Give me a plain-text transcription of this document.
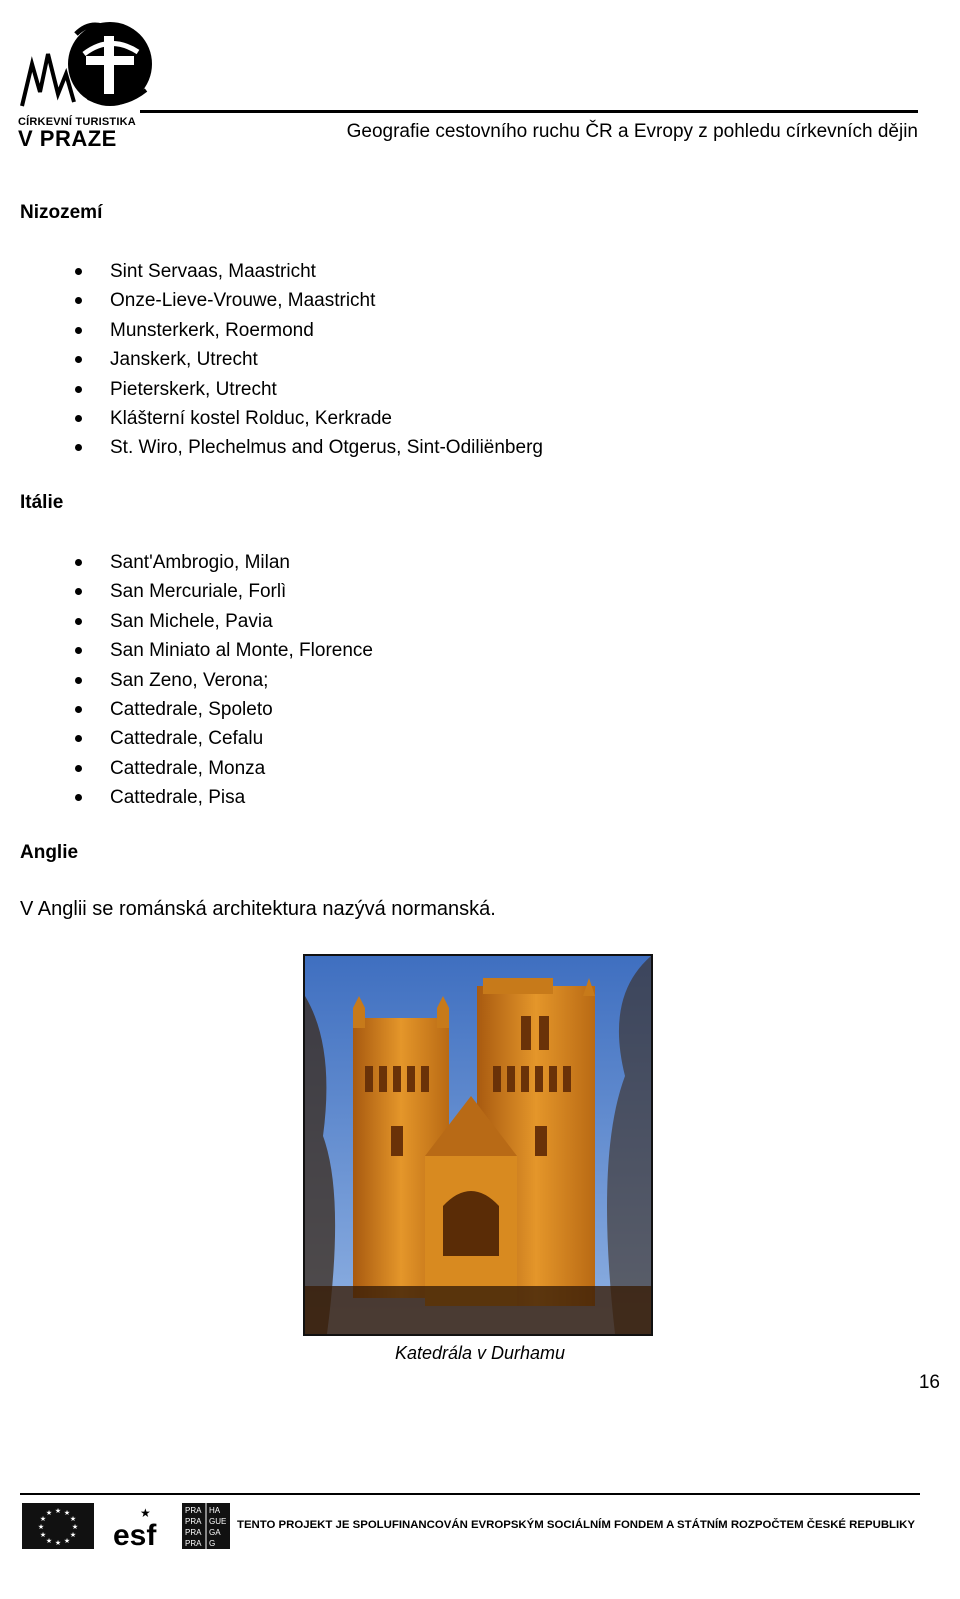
CÍRKEVNÍ TURISTIKA
V PRAZE	Geografie cestovního ruchu ČR a Evropy z pohledu církevních dějin
Nizozemí
Sint Servaas, Maastricht
Onze-Lieve-Vrouwe, Maastricht
Munsterkerk, Roermond
Janskerk, Utrecht
Pieterskerk, Utrecht
Klášterní kostel Rolduc, Kerkrade
St. Wiro, Plechelmus and Otgerus, Sint-Odiliënberg
Itálie
Sant'Ambrogio, Milan
San Mercuriale, Forlì
San Michele, Pavia
San Miniato al Monte, Florence
San Zeno, Verona;
Cattedrale, Spoleto
Cattedrale, Cefalu
Cattedrale, Monza
Cattedrale, Pisa
Anglie
V Anglii se románská architektura nazývá normanská.
Katedrála v Durhamu
16
★ ★
★
★
★
★
★
★
★
★
★
★
esf
★	PRA HA
PRA GUE
PRA GA
PRA G
TENTO PROJEKT JE SPOLUFINANCOVÁN EVROPSKÝM SOCIÁLNÍM FONDEM A STÁTNÍM ROZPOČTEM ČESKÉ REPUBLIKY
